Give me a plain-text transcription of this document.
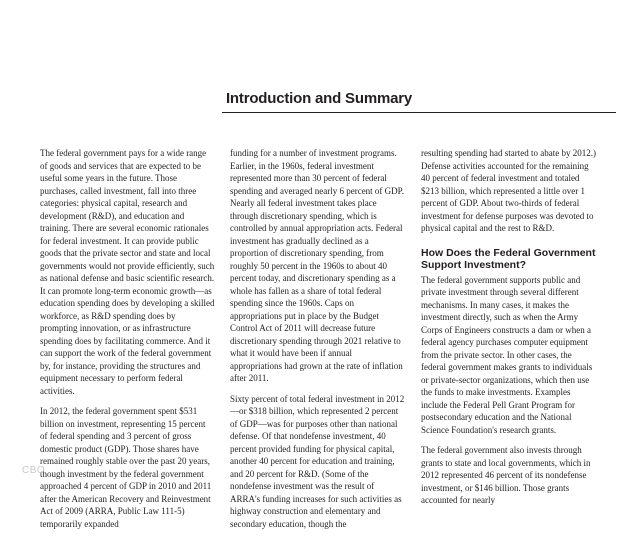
Introduction and Summary

The federal government pays for a wide range of goods and services that are expected to be useful some years in the future. Those purchases, called investment, fall into three categories: physical capital, research and development (R&D), and education and training. There are several economic rationales for federal investment. It can provide public goods that the private sector and state and local governments would not provide efficiently, such as national defense and basic scientific research. It can promote long-term economic growth—as education spending does by developing a skilled workforce, as R&D spending does by prompting innovation, or as infrastructure spending does by facilitating commerce. And it can support the work of the federal government by, for instance, providing the structures and equipment necessary to perform federal activities.

In 2012, the federal government spent $531 billion on investment, representing 15 percent of federal spending and 3 percent of gross domestic product (GDP). Those shares have remained roughly stable over the past 20 years, though investment by the federal government approached 4 percent of GDP in 2010 and 2011 after the American Recovery and Reinvestment Act of 2009 (ARRA, Public Law 111-5) temporarily expanded

funding for a number of investment programs. Earlier, in the 1960s, federal investment represented more than 30 percent of federal spending and averaged nearly 6 percent of GDP. Nearly all federal investment takes place through discretionary spending, which is controlled by annual appropriation acts. Federal investment has gradually declined as a proportion of discretionary spending, from roughly 50 percent in the 1960s to about 40 percent today, and discretionary spending as a whole has fallen as a share of total federal spending since the 1960s. Caps on appropriations put in place by the Budget Control Act of 2011 will decrease future discretionary spending through 2021 relative to what it would have been if annual appropriations had grown at the rate of inflation after 2011.

Sixty percent of total federal investment in 2012—or $318 billion, which represented 2 percent of GDP—was for purposes other than national defense. Of that nondefense investment, 40 percent provided funding for physical capital, another 40 percent for education and training, and 20 percent for R&D. (Some of the nondefense investment was the result of ARRA's funding increases for such activities as highway construction and elementary and secondary education, though the

resulting spending had started to abate by 2012.) Defense activities accounted for the remaining 40 percent of federal investment and totaled $213 billion, which represented a little over 1 percent of GDP. About two-thirds of federal investment for defense purposes was devoted to physical capital and the rest to R&D.

How Does the Federal Government Support Investment?

The federal government supports public and private investment through several different mechanisms. In many cases, it makes the investment directly, such as when the Army Corps of Engineers constructs a dam or when a federal agency purchases computer equipment from the private sector. In other cases, the federal government makes grants to individuals or private-sector organizations, which then use the funds to make investments. Examples include the Federal Pell Grant Program for postsecondary education and the National Science Foundation's research grants.

The federal government also invests through grants to state and local governments, which in 2012 represented 46 percent of its nondefense investment, or $146 billion. Those grants accounted for nearly

CBO
